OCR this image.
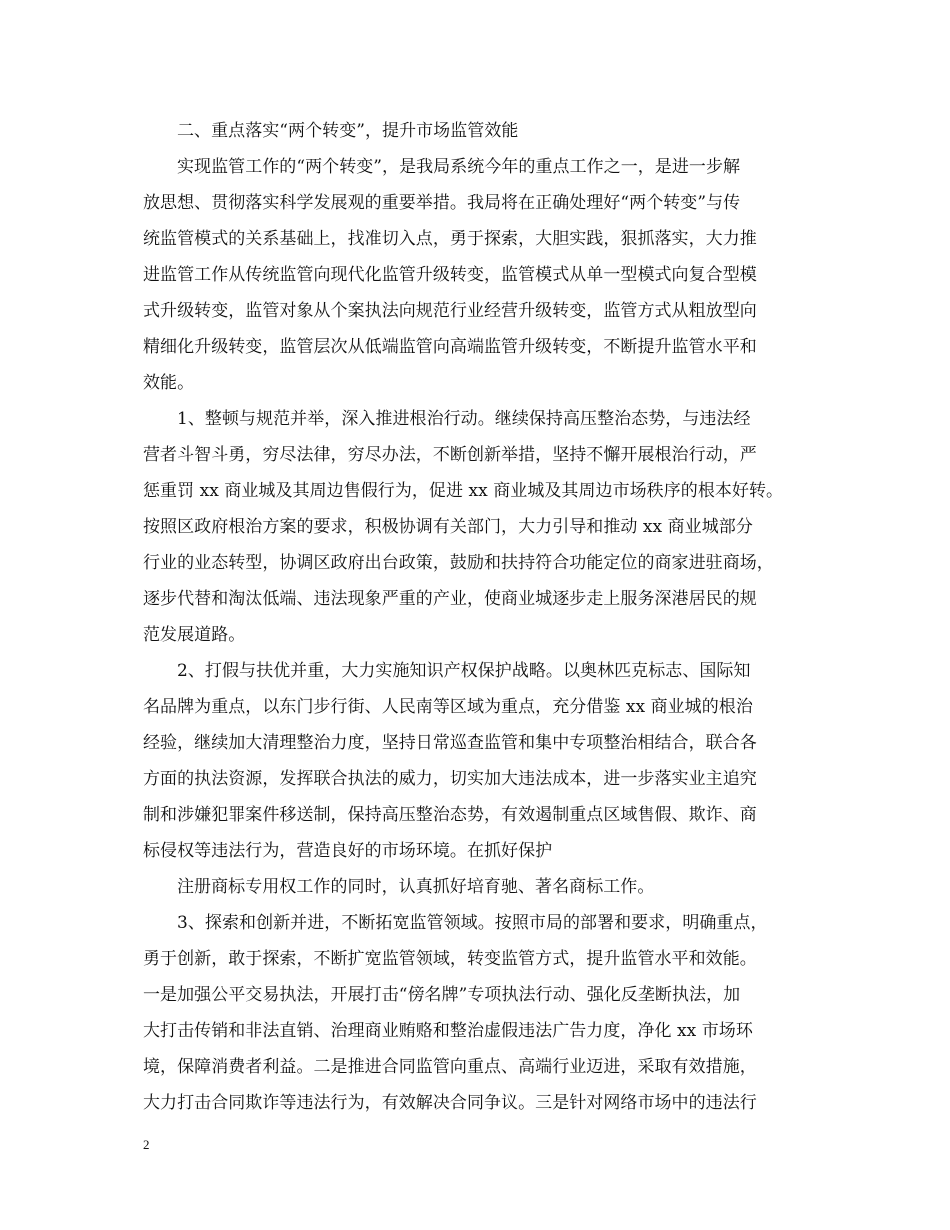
二、重点落实“两个转变”，提升市场监管效能
实现监管工作的“两个转变”，是我局系统今年的重点工作之一，是进一步解
放思想、贯彻落实科学发展观的重要举措。我局将在正确处理好“两个转变”与传
统监管模式的关系基础上，找准切入点，勇于探索，大胆实践，狠抓落实，大力推
进监管工作从传统监管向现代化监管升级转变，监管模式从单一型模式向复合型模
式升级转变，监管对象从个案执法向规范行业经营升级转变，监管方式从粗放型向
精细化升级转变，监管层次从低端监管向高端监管升级转变，不断提升监管水平和
效能。
1、整顿与规范并举，深入推进根治行动。继续保持高压整治态势，与违法经
营者斗智斗勇，穷尽法律，穷尽办法，不断创新举措，坚持不懈开展根治行动，严
惩重罚 xx 商业城及其周边售假行为，促进 xx 商业城及其周边市场秩序的根本好转。
按照区政府根治方案的要求，积极协调有关部门，大力引导和推动 xx 商业城部分
行业的业态转型，协调区政府出台政策，鼓励和扶持符合功能定位的商家进驻商场，
逐步代替和淘汰低端、违法现象严重的产业，使商业城逐步走上服务深港居民的规
范发展道路。
2、打假与扶优并重，大力实施知识产权保护战略。以奥林匹克标志、国际知
名品牌为重点，以东门步行街、人民南等区域为重点，充分借鉴 xx 商业城的根治
经验，继续加大清理整治力度，坚持日常巡查监管和集中专项整治相结合，联合各
方面的执法资源，发挥联合执法的威力，切实加大违法成本，进一步落实业主追究
制和涉嫌犯罪案件移送制，保持高压整治态势，有效遏制重点区域售假、欺诈、商
标侵权等违法行为，营造良好的市场环境。在抓好保护
注册商标专用权工作的同时，认真抓好培育驰、著名商标工作。
3、探索和创新并进，不断拓宽监管领域。按照市局的部署和要求，明确重点，
勇于创新，敢于探索，不断扩宽监管领域，转变监管方式，提升监管水平和效能。
一是加强公平交易执法，开展打击“傍名牌”专项执法行动、强化反垄断执法，加
大打击传销和非法直销、治理商业贿赂和整治虚假违法广告力度，净化 xx 市场环
境，保障消费者利益。二是推进合同监管向重点、高端行业迈进，采取有效措施，
大力打击合同欺诈等违法行为，有效解决合同争议。三是针对网络市场中的违法行
2
